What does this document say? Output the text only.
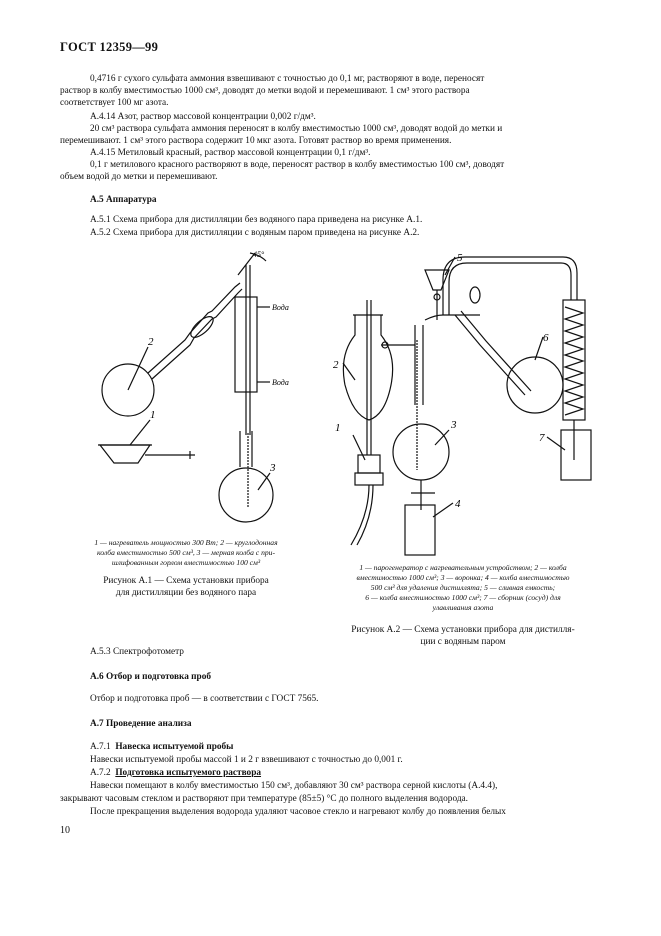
ГОСТ 12359—99

0,4716 г сухого сульфата аммония взвешивают с точностью до 0,1 мг, растворяют в воде, переносят

раствор в колбу вместимостью 1000 см³, доводят до метки водой и перемешивают. 1 см³ этого раствора

соответствует 100 мг азота.

А.4.14 Азот, раствор массовой концентрации 0,002 г/дм³.

20 см³ раствора сульфата аммония переносят в колбу вместимостью 1000 см³, доводят водой до метки и

перемешивают. 1 см³ этого раствора содержит 10 мкг азота. Готовят раствор во время применения.

А.4.15 Метиловый красный, раствор массовой концентрации 0,1 г/дм³.

0,1 г метилового красного растворяют в воде, переносят раствор в колбу вместимостью 100 см³, доводят

объем водой до метки и перемешивают.

А.5 Аппаратура

А.5.1 Схема прибора для дистилляции без водяного пара приведена на рисунке А.1.

А.5.2 Схема прибора для дистилляции с водяным паром приведена на рисунке А.2.

2
1
3
45°
Вода
Вода
1 — нагреватель мощностью 300 Вт; 2 — круглодонная
колба вместимостью 500 см³, 3 — мерная колба с при-
шлифованным горлом вместимостью 100 см³
Рисунок А.1 — Схема установки прибора
для дистилляции без водяного пара
1
2
3
4
5
6
7
1 — парогенератор с нагревательным устройством; 2 — колба
вместимостью 1000 см³; 3 — воронка; 4 — колба вместимостью
500 см³ для удаления дистиллята; 5 — сливная емкость;
6 — колба вместимостью 1000 см³; 7 — сборник (сосуд) для
улавливания азота
Рисунок А.2 — Схема установки прибора для дистилля-
ции с водяным паром

А.5.3 Спектрофотометр

А.6 Отбор и подготовка проб

Отбор и подготовка проб — в соответствии с ГОСТ 7565.

А.7 Проведение анализа

А.7.1 Навеска испытуемой пробы

Навески испытуемой пробы массой 1 и 2 г взвешивают с точностью до 0,001 г.

А.7.2 Подготовка испытуемого раствора

Навески помещают в колбу вместимостью 150 см³, добавляют 30 см³ раствора серной кислоты (А.4.4),

закрывают часовым стеклом и растворяют при температуре (85±5) °С до полного выделения водорода.

После прекращения выделения водорода удаляют часовое стекло и нагревают колбу до появления белых

10
